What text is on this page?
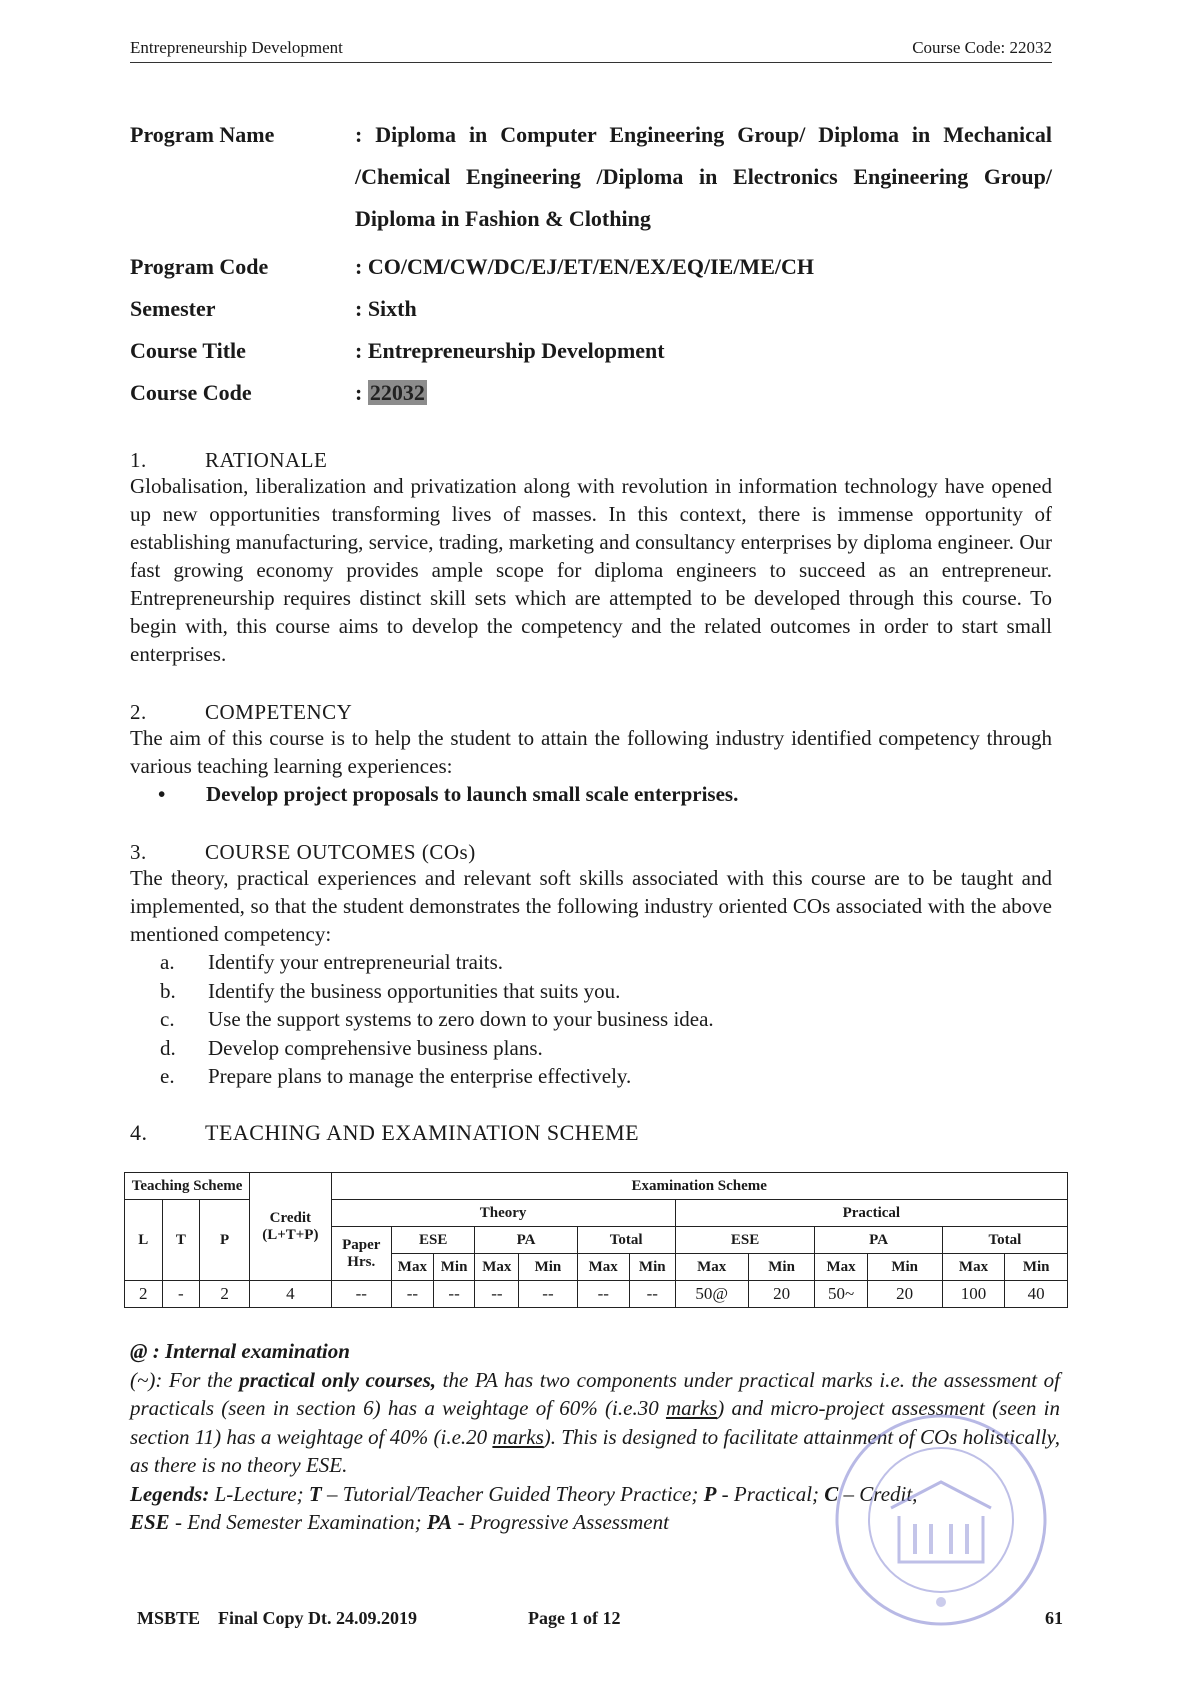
Entrepreneurship Development	Course Code: 22032
Program Name	: Diploma in Computer Engineering Group/ Diploma in Mechanical /Chemical Engineering /Diploma in Electronics Engineering Group/ Diploma in Fashion & Clothing
Program Code	: CO/CM/CW/DC/EJ/ET/EN/EX/EQ/IE/ME/CH
Semester	: Sixth
Course Title	: Entrepreneurship Development
Course Code	: 22032
1.	RATIONALE
Globalisation, liberalization and privatization along with revolution in information technology have opened up new opportunities transforming lives of masses. In this context, there is immense opportunity of establishing manufacturing, service, trading, marketing and consultancy enterprises by diploma engineer. Our fast growing economy provides ample scope for diploma engineers to succeed as an entrepreneur. Entrepreneurship requires distinct skill sets which are attempted to be developed through this course. To begin with, this course aims to develop the competency and the related outcomes in order to start small enterprises.
2.	COMPETENCY
The aim of this course is to help the student to attain the following industry identified competency through various teaching learning experiences:
• Develop project proposals to launch small scale enterprises.
3.	COURSE OUTCOMES (COs)
The theory, practical experiences and relevant soft skills associated with this course are to be taught and implemented, so that the student demonstrates the following industry oriented COs associated with the above mentioned competency:
a.	Identify your entrepreneurial traits.
b.	Identify the business opportunities that suits you.
c.	Use the support systems to zero down to your business idea.
d.	Develop comprehensive business plans.
e.	Prepare plans to manage the enterprise effectively.
4.	TEACHING AND EXAMINATION SCHEME
Teaching Scheme			Credit (L+T+P)	Examination Scheme												
L	T	P		Theory							Practical					
				Paper Hrs.	ESE		PA		Total		ESE		PA		Total	
					Max	Min	Max	Min	Max	Min	Max	Min	Max	Min	Max	Min
2	-	2	4	--	--	--	--	--	--	--	50@	20	50~	20	100	40
@ : Internal examination
(~): For the practical only courses, the PA has two components under practical marks i.e. the assessment of practicals (seen in section 6) has a weightage of 60% (i.e.30 marks) and micro-project assessment (seen in section 11) has a weightage of 40% (i.e.20 marks). This is designed to facilitate attainment of COs holistically, as there is no theory ESE.
Legends: L-Lecture; T – Tutorial/Teacher Guided Theory Practice; P - Practical; C – Credit,
ESE - End Semester Examination; PA - Progressive Assessment
MSBTE    Final Copy Dt. 24.09.2019	Page 1 of 12	61
